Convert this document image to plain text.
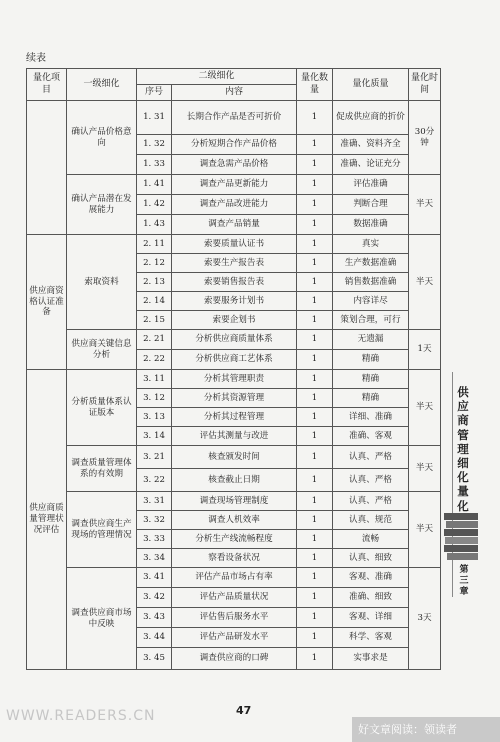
续表
量化项目	一级细化	二级细化		量化数量	量化质量	量化时间
		序号	内容			
	确认产品价格意向	1. 31	长期合作产品是否可折价	1	促成供应商的折价	30分钟
		1. 32	分析短期合作产品价格	1	准确、资料齐全	
		1. 33	调查急需产品价格	1	准确、论证充分	
	确认产品潜在发展能力	1. 41	调查产品更新能力	1	评估准确	半天
		1. 42	调查产品改进能力	1	判断合理	
		1. 43	调查产品销量	1	数据准确	
供应商资格认证准备	索取资料	2. 11	索要质量认证书	1	真实	半天
		2. 12	索要生产报告表	1	生产数据准确	
		2. 13	索要销售报告表	1	销售数据准确	
		2. 14	索要服务计划书	1	内容详尽	
		2. 15	索要企划书	1	策划合理，可行	
	供应商关键信息分析	2. 21	分析供应商质量体系	1	无遗漏	1天
		2. 22	分析供应商工艺体系	1	精确	
供应商质量管理状况评估	分析质量体系认证版本	3. 11	分析其管理职责	1	精确	半天
		3. 12	分析其资源管理	1	精确	
		3. 13	分析其过程管理	1	详细、准确	
		3. 14	评估其测量与改进	1	准确、客观	
	调查质量管理体系的有效期	3. 21	核查颁发时间	1	认真、严格	半天
		3. 22	核查截止日期	1	认真、严格	
	调查供应商生产现场的管理情况	3. 31	调查现场管理制度	1	认真、严格	半天
		3. 32	调查人机效率	1	认真、规范	
		3. 33	分析生产线流畅程度	1	流畅	
		3. 34	察看设备状况	1	认真、细致	
	调查供应商市场中反映	3. 41	评估产品市场占有率	1	客观、准确	3天
		3. 42	评估产品质量状况	1	准确、细致	
		3. 43	评估售后服务水平	1	客观、详细	
		3. 44	评估产品研发水平	1	科学、客观	
		3. 45	调查供应商的口碑	1	实事求是	
供应商管理细化量化
第三章
47
WWW.READERS.CN
好文章阅读：领读者
